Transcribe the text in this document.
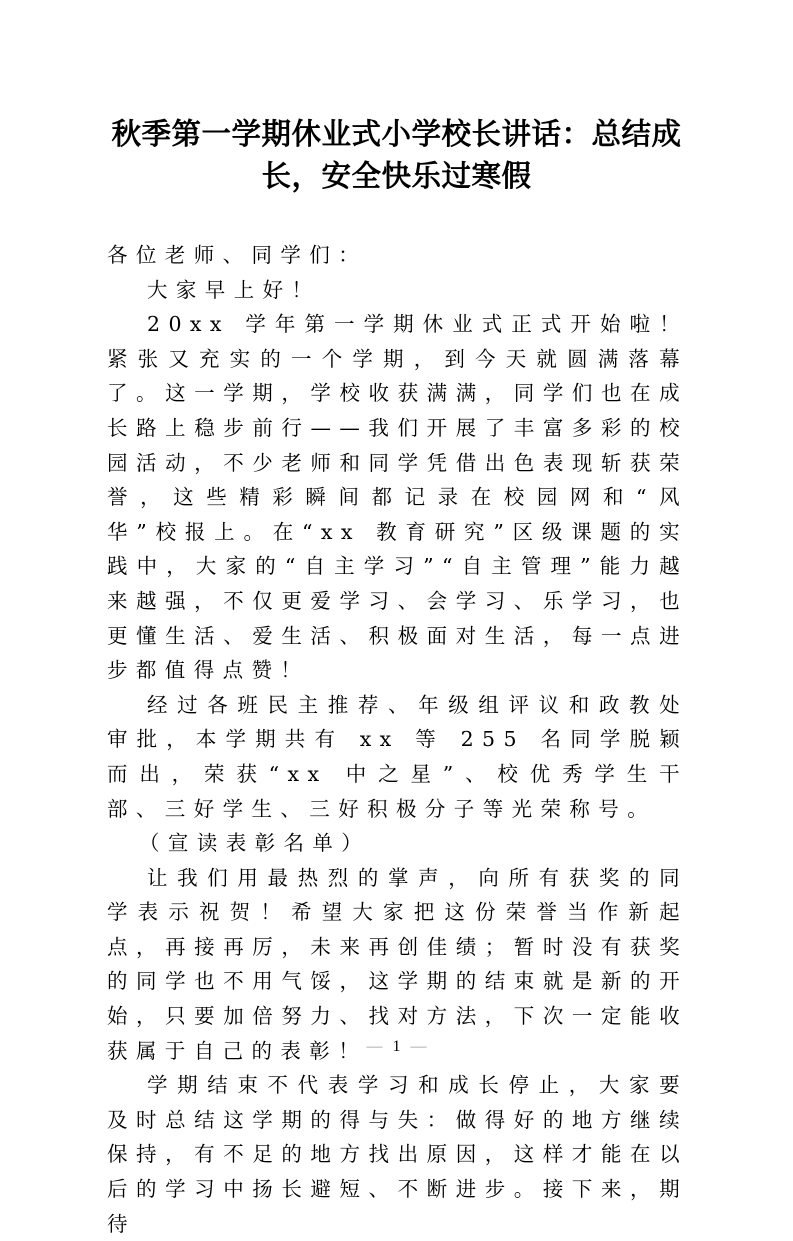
秋季第一学期休业式小学校长讲话：总结成长，安全快乐过寒假

各位老师、同学们：

大家早上好！

20xx 学年第一学期休业式正式开始啦！紧张又充实的一个学期，到今天就圆满落幕了。这一学期，学校收获满满，同学们也在成长路上稳步前行——我们开展了丰富多彩的校园活动，不少老师和同学凭借出色表现斩获荣誉，这些精彩瞬间都记录在校园网和“风华”校报上。在“xx 教育研究”区级课题的实践中，大家的“自主学习”“自主管理”能力越来越强，不仅更爱学习、会学习、乐学习，也更懂生活、爱生活、积极面对生活，每一点进步都值得点赞！

经过各班民主推荐、年级组评议和政教处审批，本学期共有 xx 等 255 名同学脱颖而出，荣获“xx 中之星”、校优秀学生干部、三好学生、三好积极分子等光荣称号。

（宣读表彰名单）

让我们用最热烈的掌声，向所有获奖的同学表示祝贺！希望大家把这份荣誉当作新起点，再接再厉，未来再创佳绩；暂时没有获奖的同学也不用气馁，这学期的结束就是新的开始，只要加倍努力、找对方法，下次一定能收获属于自己的表彰！

学期结束不代表学习和成长停止，大家要及时总结这学期的得与失：做得好的地方继续保持，有不足的地方找出原因，这样才能在以后的学习中扬长避短、不断进步。接下来，期待

— 1 —
